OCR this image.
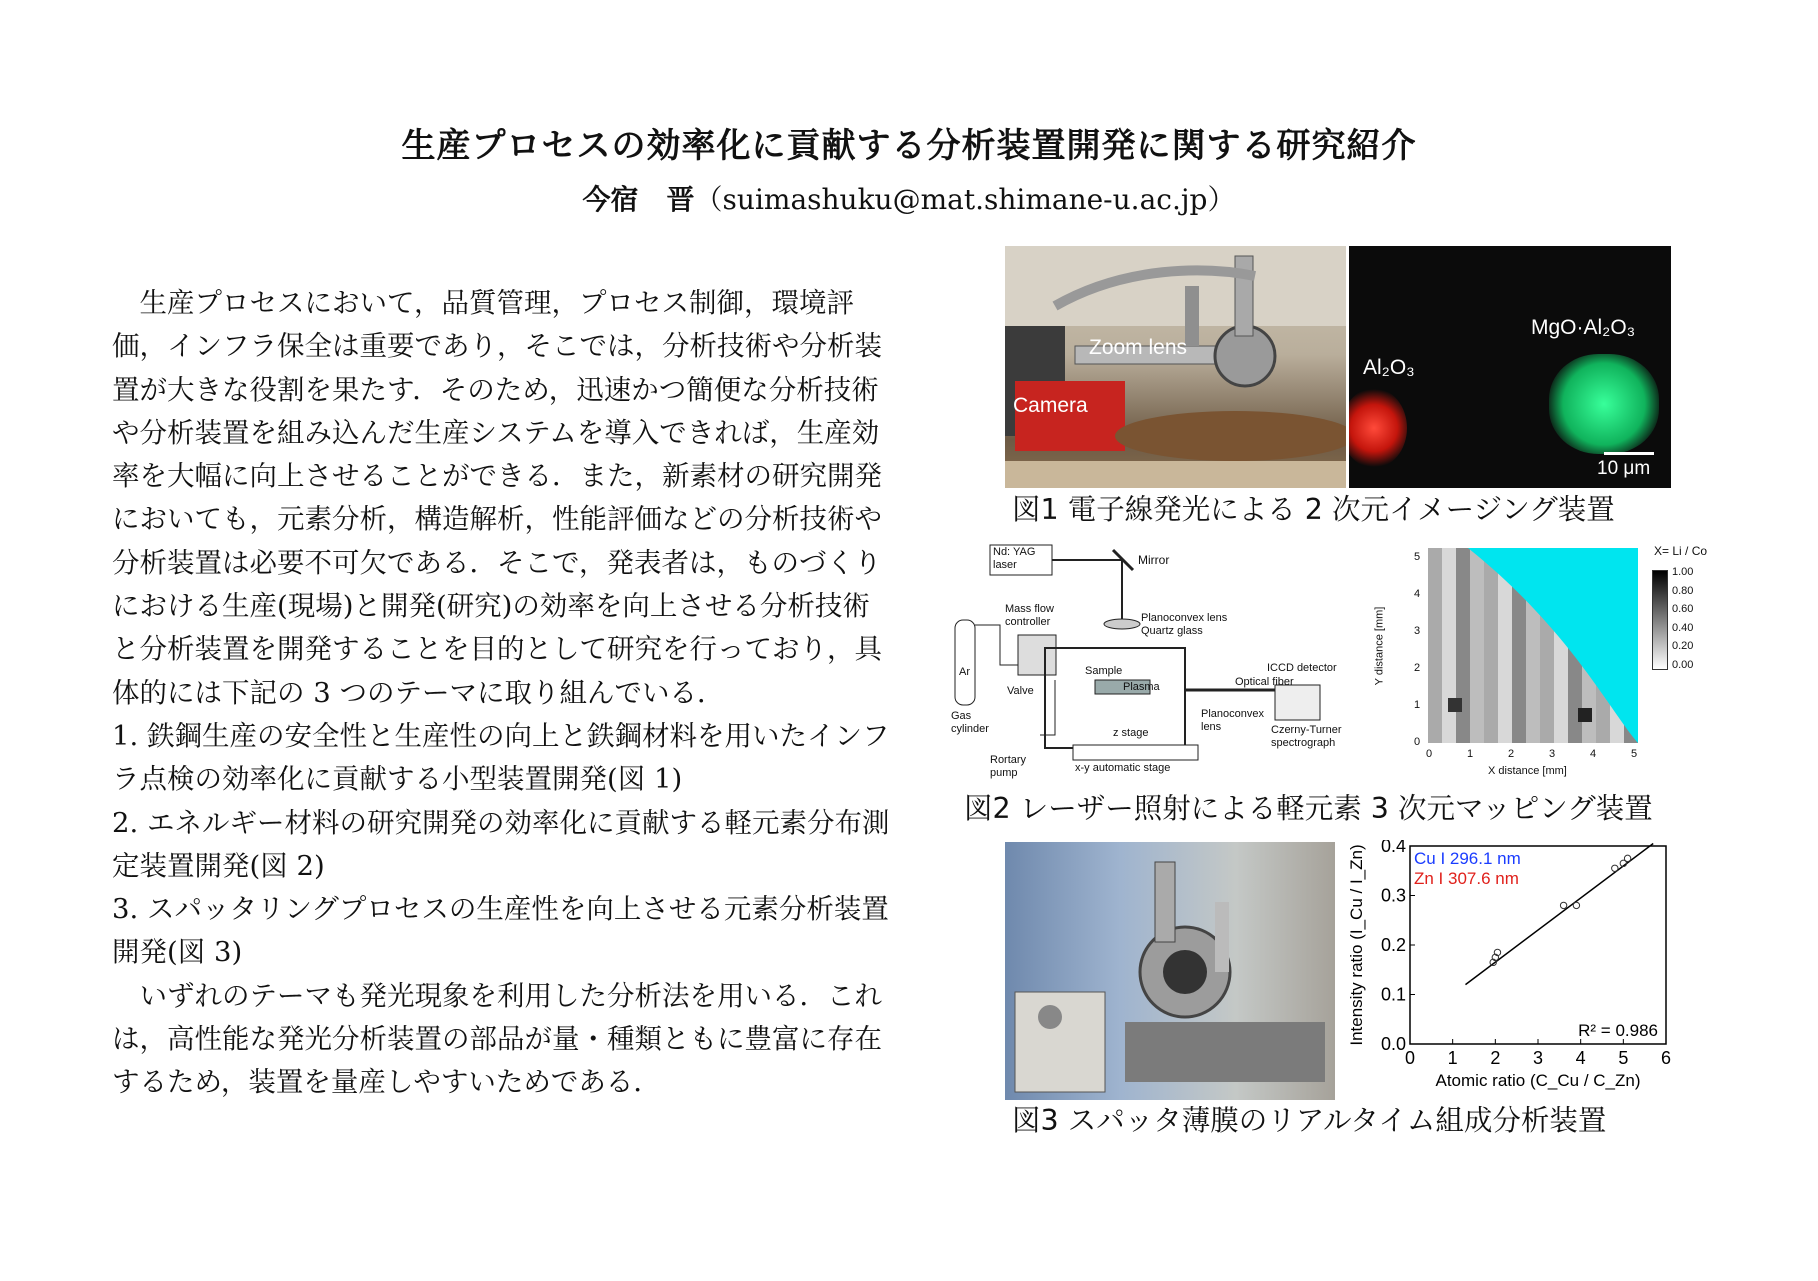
生産プロセスの効率化に貢献する分析装置開発に関する研究紹介
今宿　晋（suimashuku@mat.shimane-u.ac.jp）

生産プロセスにおいて，品質管理，プロセス制御，環境評価，インフラ保全は重要であり，そこでは，分析技術や分析装置が大きな役割を果たす．そのため，迅速かつ簡便な分析技術や分析装置を組み込んだ生産システムを導入できれば，生産効率を大幅に向上させることができる．また，新素材の研究開発においても，元素分析，構造解析，性能評価などの分析技術や分析装置は必要不可欠である．そこで，発表者は，ものづくりにおける生産(現場)と開発(研究)の効率を向上させる分析技術と分析装置を開発することを目的として研究を行っており，具体的には下記の 3 つのテーマに取り組んでいる．

1. 鉄鋼生産の安全性と生産性の向上と鉄鋼材料を用いたインフラ点検の効率化に貢献する小型装置開発(図 1)

2. エネルギー材料の研究開発の効率化に貢献する軽元素分布測定装置開発(図 2)

3. スパッタリングプロセスの生産性を向上させる元素分析装置開発(図 3)

いずれのテーマも発光現象を利用した分析法を用いる．これは，高性能な発光分析装置の部品が量・種類ともに豊富に存在するため，装置を量産しやすいためである．

Zoom lens
Camera
Al₂O₃
MgO·Al₂O₃
10 μm
図1 電子線発光による 2 次元イメージング装置
Nd: YAG laser	Mirror
Mass flow controller	Planoconvex lens Quartz glass
Ar
Gas cylinder
Valve
Sample
Plasma
z stage
ICCD detector
Optical fiber
Planoconvex lens	Czerny-Turner spectrograph
Rortary pump	x-y automatic stage
X= Li / Co
Y distance [mm]
X distance [mm]
0
0
1
1
2
2
3
3
4
4
5
5
1.00
0.80
0.60
0.40
0.20
0.00
図2 レーザー照射による軽元素 3 次元マッピング装置
0 1 2 3 4 5 6
0.0
0.1
0.2
0.3
0.4
Cu I 296.1 nm
Zn I 307.6 nm
R² = 0.986
Atomic ratio (C_Cu / C_Zn)
Intensity ratio (I_Cu / I_Zn)
図3 スパッタ薄膜のリアルタイム組成分析装置
